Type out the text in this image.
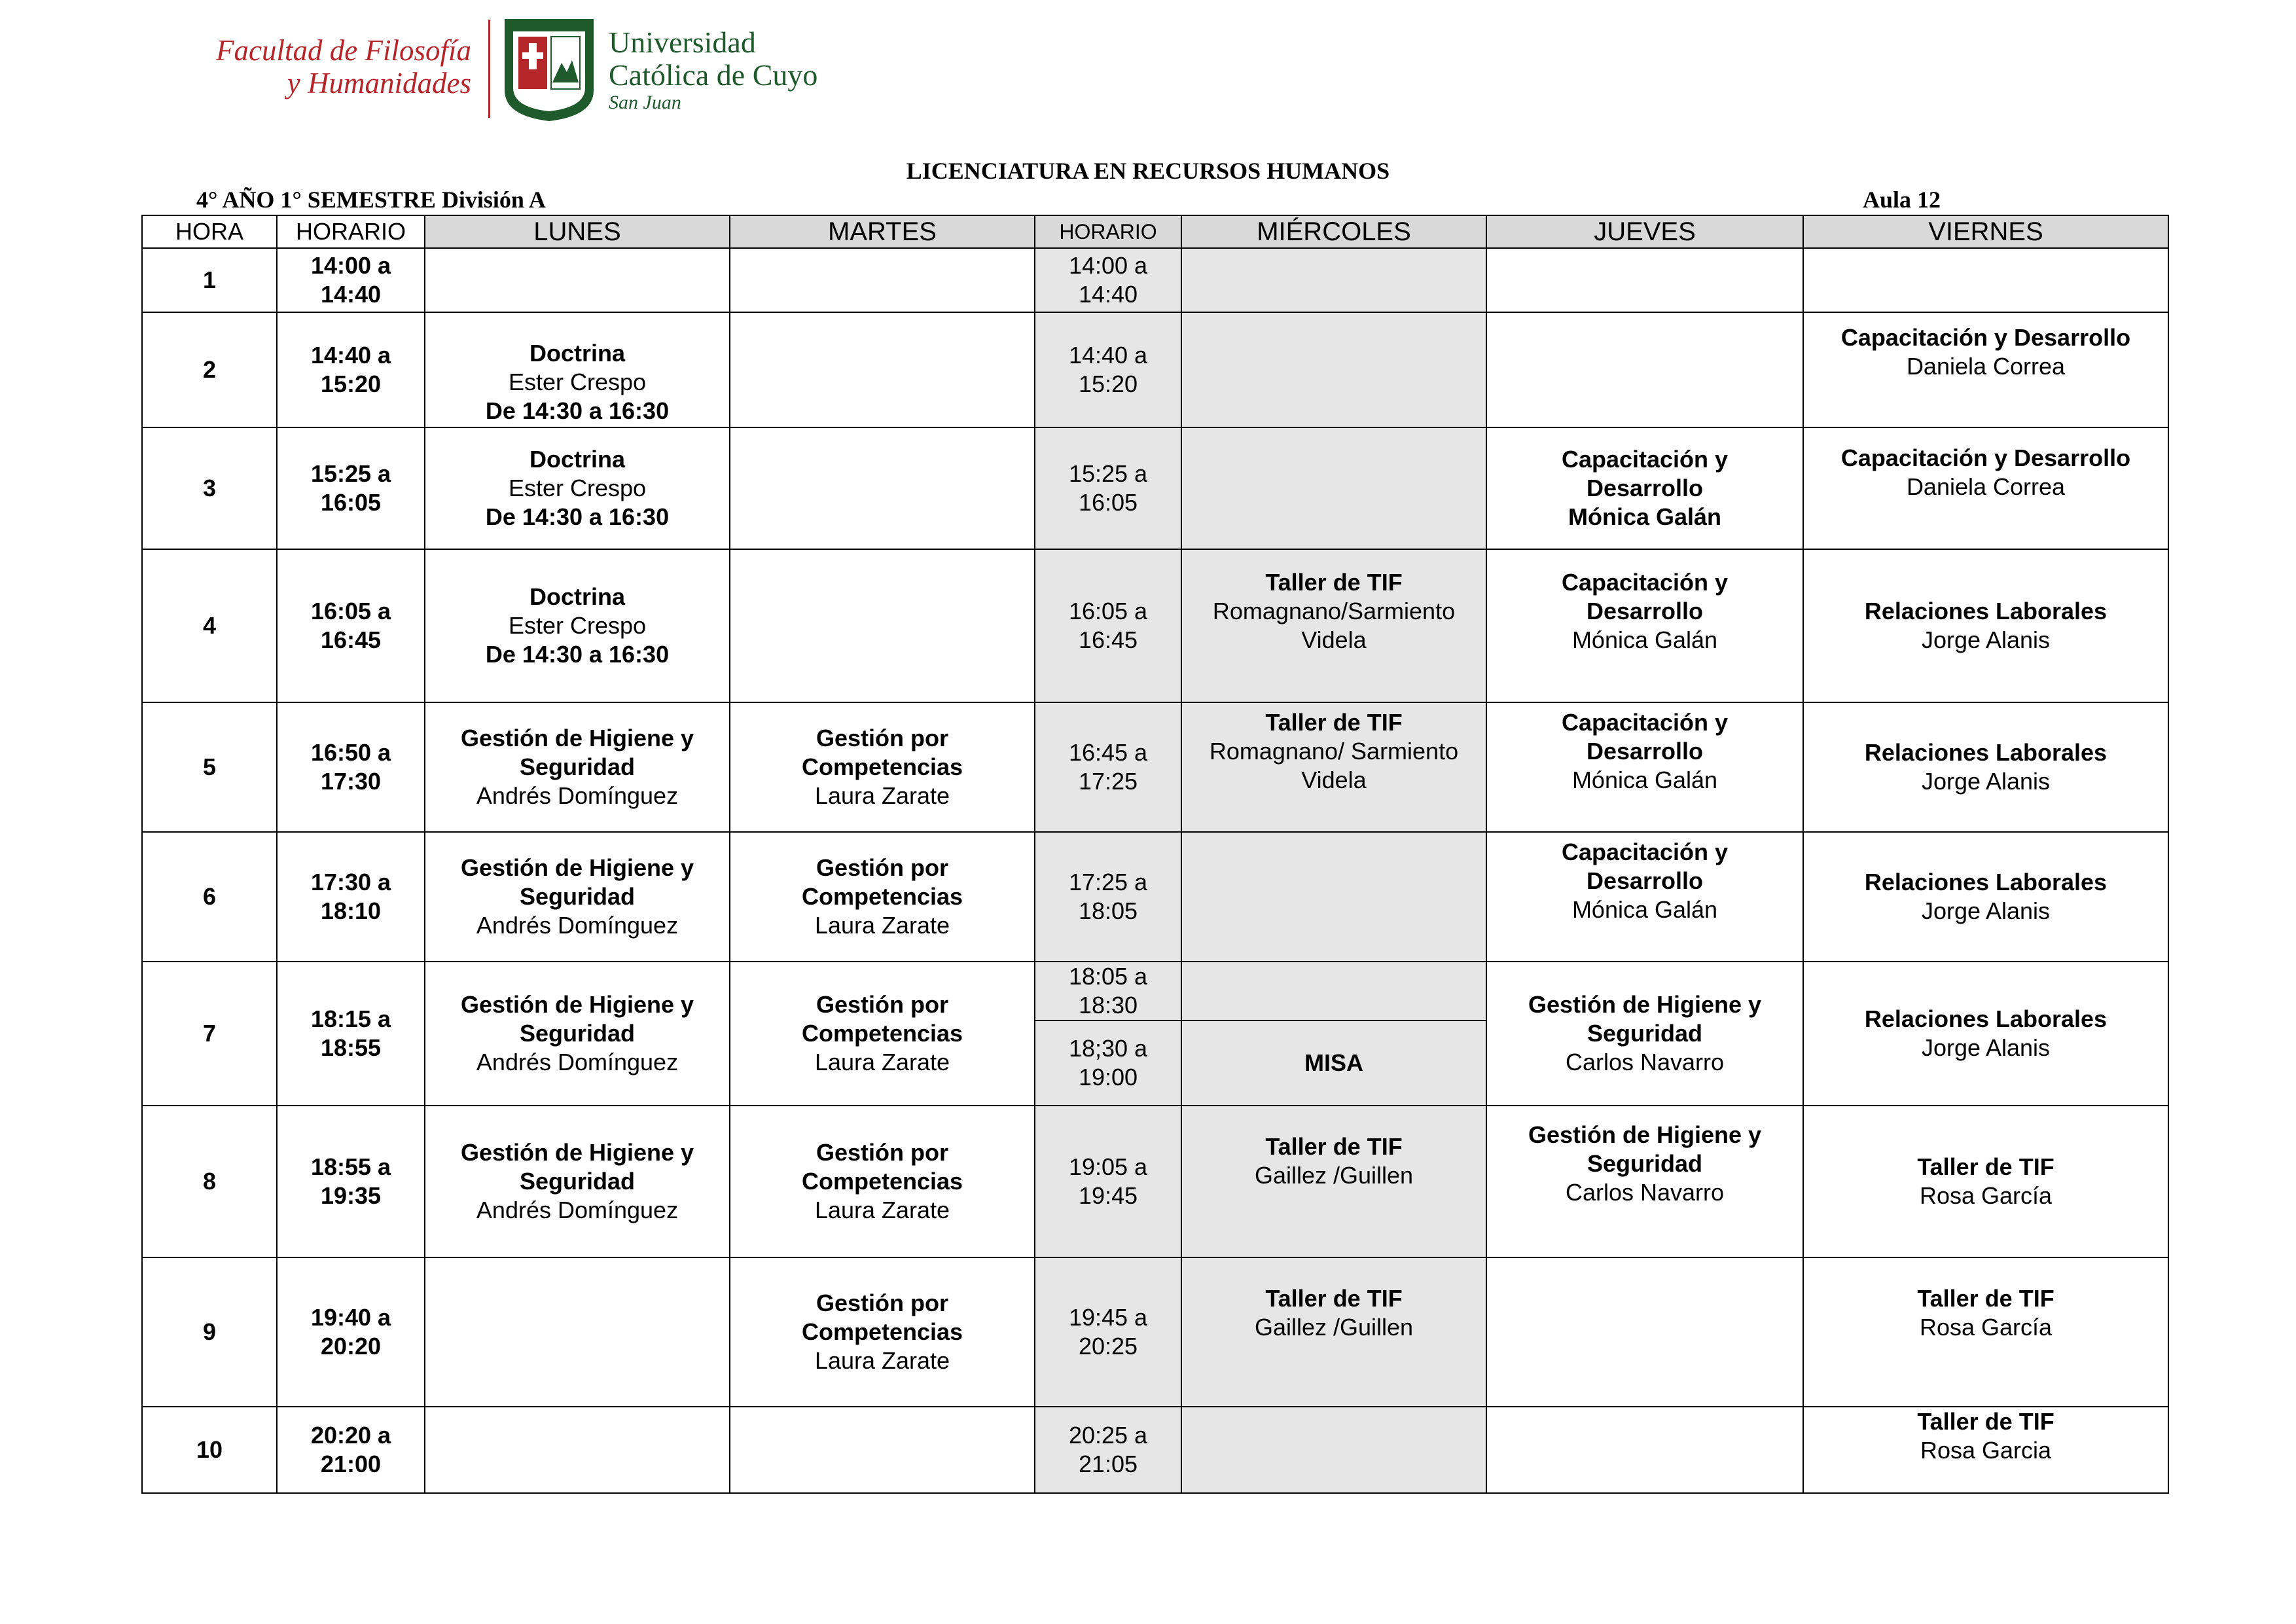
Facultad de Filosofía
y Humanidades
Universidad
Católica de Cuyo
San Juan
LICENCIATURA EN RECURSOS HUMANOS
4° AÑO 1° SEMESTRE División A	Aula 12
HORA	HORARIO	LUNES	MARTES	HORARIO	MIÉRCOLES	JUEVES	VIERNES
1	14:00 a
14:40			14:00 a
14:40			

2	14:40 a
15:20	Doctrina
Ester Crespo
De 14:30 a 16:30		14:40 a
15:20			Capacitación y Desarrollo
Daniela Correa

3	15:25 a
16:05	Doctrina
Ester Crespo
De 14:30 a 16:30		15:25 a
16:05		Capacitación y
Desarrollo
Mónica Galán	Capacitación y Desarrollo
Daniela Correa

4	16:05 a
16:45	Doctrina
Ester Crespo
De 14:30 a 16:30		16:05 a
16:45	Taller de TIF
Romagnano/Sarmiento
Videla	Capacitación y
Desarrollo
Mónica Galán	Relaciones Laborales
Jorge Alanis

5	16:50 a
17:30	Gestión de Higiene y
Seguridad
Andrés Domínguez	Gestión por
Competencias
Laura Zarate	16:45 a
17:25	Taller de TIF
Romagnano/ Sarmiento
Videla	Capacitación y
Desarrollo
Mónica Galán	Relaciones Laborales
Jorge Alanis

6	17:30 a
18:10	Gestión de Higiene y
Seguridad
Andrés Domínguez	Gestión por
Competencias
Laura Zarate	17:25 a
18:05		Capacitación y
Desarrollo
Mónica Galán	Relaciones Laborales
Jorge Alanis

7	18:15 a
18:55	Gestión de Higiene y
Seguridad
Andrés Domínguez	Gestión por
Competencias
Laura Zarate	18:05 a
18:30		Gestión de Higiene y
Seguridad
Carlos Navarro	Relaciones Laborales
Jorge Alanis

				18;30 a
19:00	MISA		

8	18:55 a
19:35	Gestión de Higiene y
Seguridad
Andrés Domínguez	Gestión por
Competencias
Laura Zarate	19:05 a
19:45	Taller de TIF
Gaillez /Guillen	Gestión de Higiene y
Seguridad
Carlos Navarro	Taller de TIF
Rosa García

9	19:40 a
20:20		Gestión por
Competencias
Laura Zarate	19:45 a
20:25	Taller de TIF
Gaillez /Guillen		Taller de TIF
Rosa García

10	20:20 a
21:00			20:25 a
21:05			Taller de TIF
Rosa Garcia
